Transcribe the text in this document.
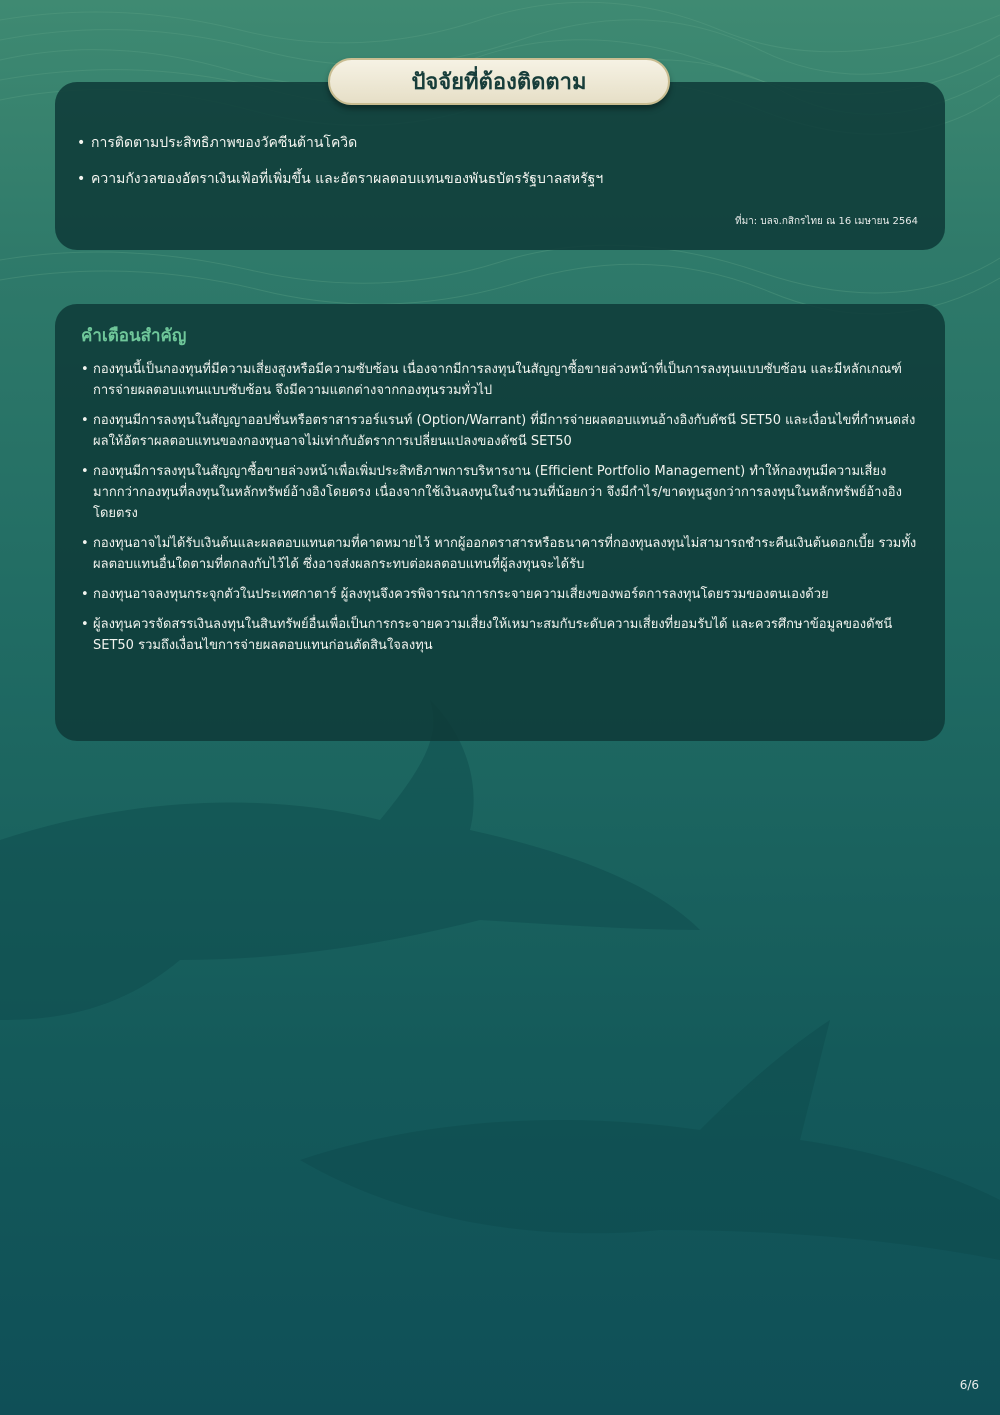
ปัจจัยที่ต้องติดตาม
• การติดตามประสิทธิภาพของวัคซีนต้านโควิด
• ความกังวลของอัตราเงินเฟ้อที่เพิ่มขึ้น และอัตราผลตอบแทนของพันธบัตรรัฐบาลสหรัฐฯ
ที่มา: บลจ.กสิกรไทย ณ 16 เมษายน 2564
คำเตือนสำคัญ
• กองทุนนี้เป็นกองทุนที่มีความเสี่ยงสูงหรือมีความซับซ้อน เนื่องจากมีการลงทุนในสัญญาซื้อขายล่วงหน้าที่เป็นการลงทุนแบบซับซ้อน และมีหลักเกณฑ์การจ่ายผลตอบแทนแบบซับซ้อน จึงมีความแตกต่างจากกองทุนรวมทั่วไป
• กองทุนมีการลงทุนในสัญญาออปชั่นหรือตราสารวอร์แรนท์ (Option/Warrant) ที่มีการจ่ายผลตอบแทนอ้างอิงกับดัชนี SET50 และเงื่อนไขที่กำหนดส่งผลให้อัตราผลตอบแทนของกองทุนอาจไม่เท่ากับอัตราการเปลี่ยนแปลงของดัชนี SET50
• กองทุนมีการลงทุนในสัญญาซื้อขายล่วงหน้าเพื่อเพิ่มประสิทธิภาพการบริหารงาน (Efficient Portfolio Management) ทำให้กองทุนมีความเสี่ยงมากกว่ากองทุนที่ลงทุนในหลักทรัพย์อ้างอิงโดยตรง เนื่องจากใช้เงินลงทุนในจำนวนที่น้อยกว่า จึงมีกำไร/ขาดทุนสูงกว่าการลงทุนในหลักทรัพย์อ้างอิงโดยตรง
• กองทุนอาจไม่ได้รับเงินต้นและผลตอบแทนตามที่คาดหมายไว้ หากผู้ออกตราสารหรือธนาคารที่กองทุนลงทุนไม่สามารถชำระคืนเงินต้นดอกเบี้ย รวมทั้งผลตอบแทนอื่นใดตามที่ตกลงกับไว้ได้ ซึ่งอาจส่งผลกระทบต่อผลตอบแทนที่ผู้ลงทุนจะได้รับ
• กองทุนอาจลงทุนกระจุกตัวในประเทศกาตาร์ ผู้ลงทุนจึงควรพิจารณาการกระจายความเสี่ยงของพอร์ตการลงทุนโดยรวมของตนเองด้วย
• ผู้ลงทุนควรจัดสรรเงินลงทุนในสินทรัพย์อื่นเพื่อเป็นการกระจายความเสี่ยงให้เหมาะสมกับระดับความเสี่ยงที่ยอมรับได้ และควรศึกษาข้อมูลของดัชนี SET50 รวมถึงเงื่อนไขการจ่ายผลตอบแทนก่อนตัดสินใจลงทุน
6/6
